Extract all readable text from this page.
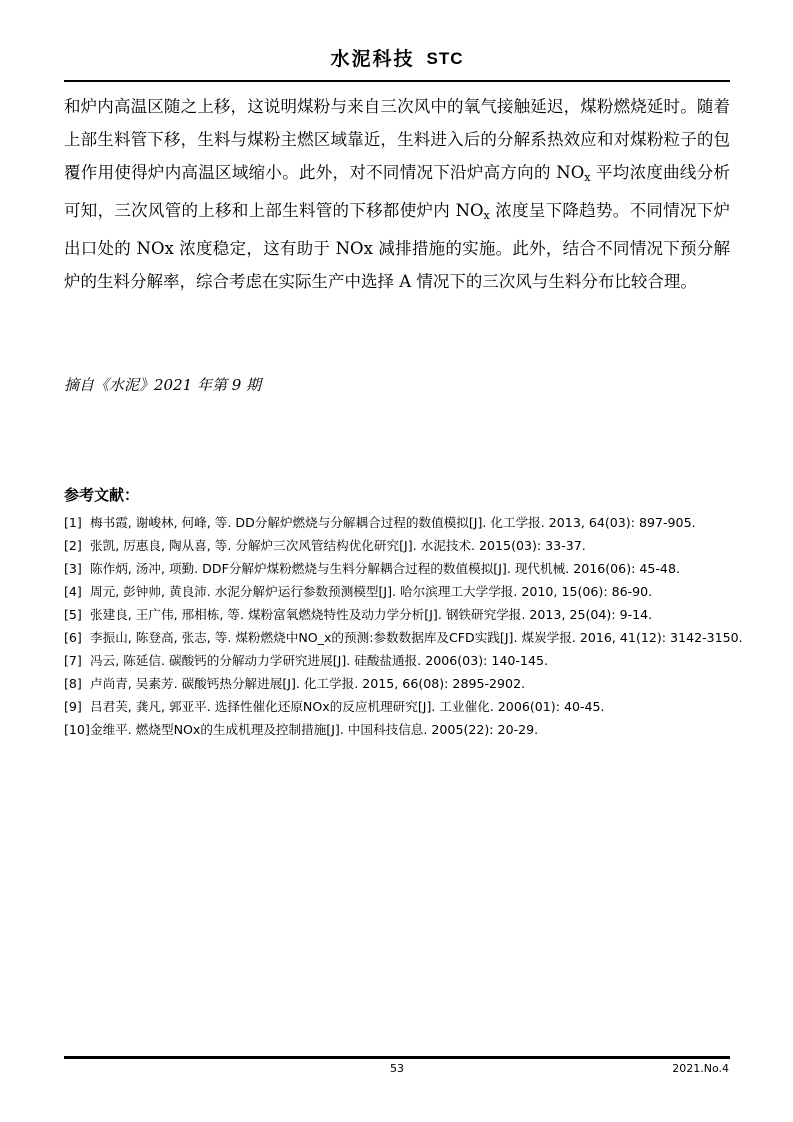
水泥科技 STC

和炉内高温区随之上移，这说明煤粉与来自三次风中的氧气接触延迟，煤粉燃烧延时。随着上部生料管下移，生料与煤粉主燃区域靠近，生料进入后的分解系热效应和对煤粉粒子的包覆作用使得炉内高温区域缩小。此外，对不同情况下沿炉高方向的 $NO_x$ 平均浓度曲线分析可知，三次风管的上移和上部生料管的下移都使炉内 $NO_x$ 浓度呈下降趋势。不同情况下炉出口处的 NOx 浓度稳定，这有助于 NOx 减排措施的实施。此外，结合不同情况下预分解炉的生料分解率，综合考虑在实际生产中选择 A 情况下的三次风与生料分布比较合理。

摘自《水泥》2021 年第 9 期
参考文献：
[1] 梅书霞, 谢峻林, 何峰, 等. DD分解炉燃烧与分解耦合过程的数值模拟[J]. 化工学报. 2013, 64(03): 897-905.
[2] 张凯, 厉惠良, 陶从喜, 等. 分解炉三次风管结构优化研究[J]. 水泥技术. 2015(03): 33-37.
[3] 陈作炳, 汤冲, 项勤. DDF分解炉煤粉燃烧与生料分解耦合过程的数值模拟[J]. 现代机械. 2016(06): 45-48.
[4] 周元, 彭钟帅, 黄良沛. 水泥分解炉运行参数预测模型[J]. 哈尔滨理工大学学报. 2010, 15(06): 86-90.
[5] 张建良, 王广伟, 邢相栋, 等. 煤粉富氧燃烧特性及动力学分析[J]. 钢铁研究学报. 2013, 25(04): 9-14.
[6] 李振山, 陈登高, 张志, 等. 煤粉燃烧中NO_x的预测:参数数据库及CFD实践[J]. 煤炭学报. 2016, 41(12): 3142-3150.
[7] 冯云, 陈延信. 碳酸钙的分解动力学研究进展[J]. 硅酸盐通报. 2006(03): 140-145.
[8] 卢尚青, 吴素芳. 碳酸钙热分解进展[J]. 化工学报. 2015, 66(08): 2895-2902.
[9] 吕君芙, 龚凡, 郭亚平. 选择性催化还原NOx的反应机理研究[J]. 工业催化. 2006(01): 40-45.
[10] 金维平. 燃烧型NOx的生成机理及控制措施[J]. 中国科技信息. 2005(22): 20-29.
53	2021.No.4
